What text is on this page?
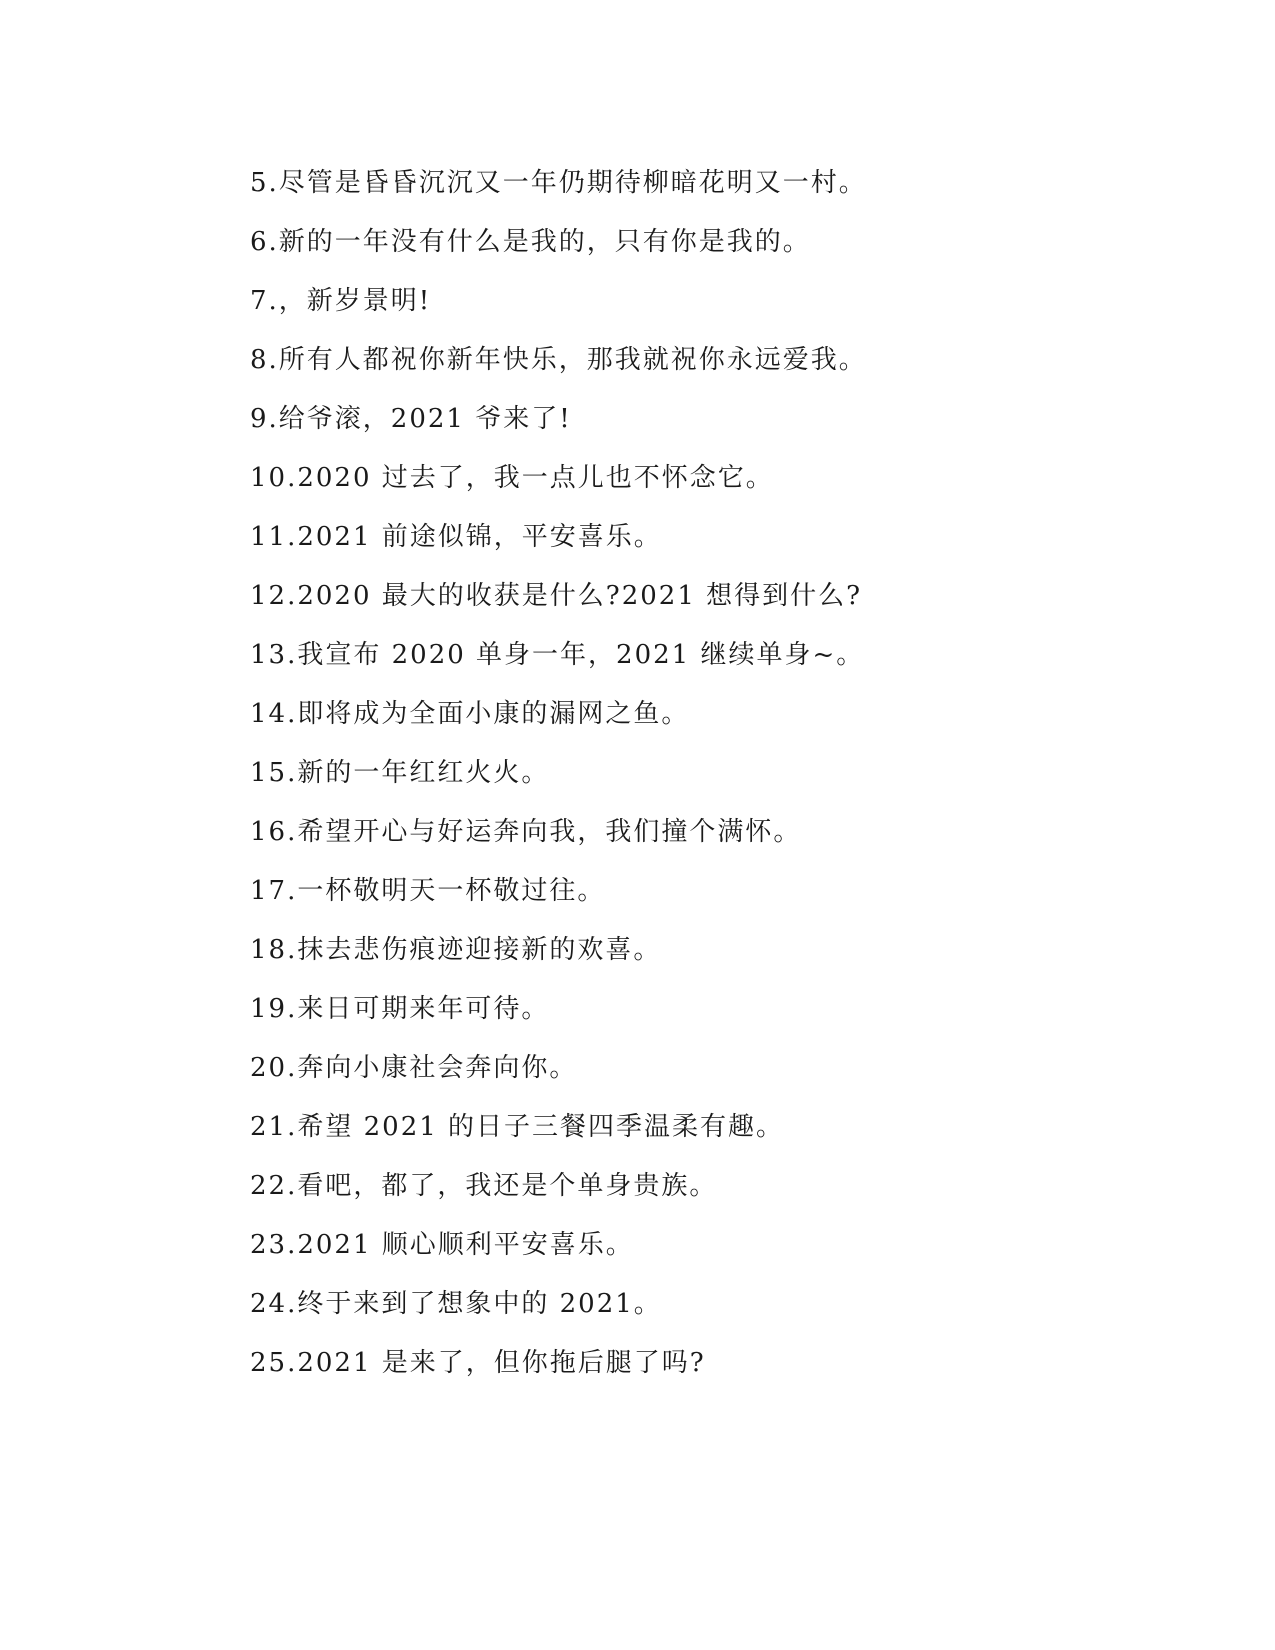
5.尽管是昏昏沉沉又一年仍期待柳暗花明又一村。
6.新的一年没有什么是我的，只有你是我的。
7.，新岁景明!
8.所有人都祝你新年快乐，那我就祝你永远爱我。
9.给爷滚，2021 爷来了!
10.2020 过去了，我一点儿也不怀念它。
11.2021 前途似锦，平安喜乐。
12.2020 最大的收获是什么?2021 想得到什么?
13.我宣布 2020 单身一年，2021 继续单身~。
14.即将成为全面小康的漏网之鱼。
15.新的一年红红火火。
16.希望开心与好运奔向我，我们撞个满怀。
17.一杯敬明天一杯敬过往。
18.抹去悲伤痕迹迎接新的欢喜。
19.来日可期来年可待。
20.奔向小康社会奔向你。
21.希望 2021 的日子三餐四季温柔有趣。
22.看吧，都了，我还是个单身贵族。
23.2021 顺心顺利平安喜乐。
24.终于来到了想象中的 2021。
25.2021 是来了，但你拖后腿了吗?
